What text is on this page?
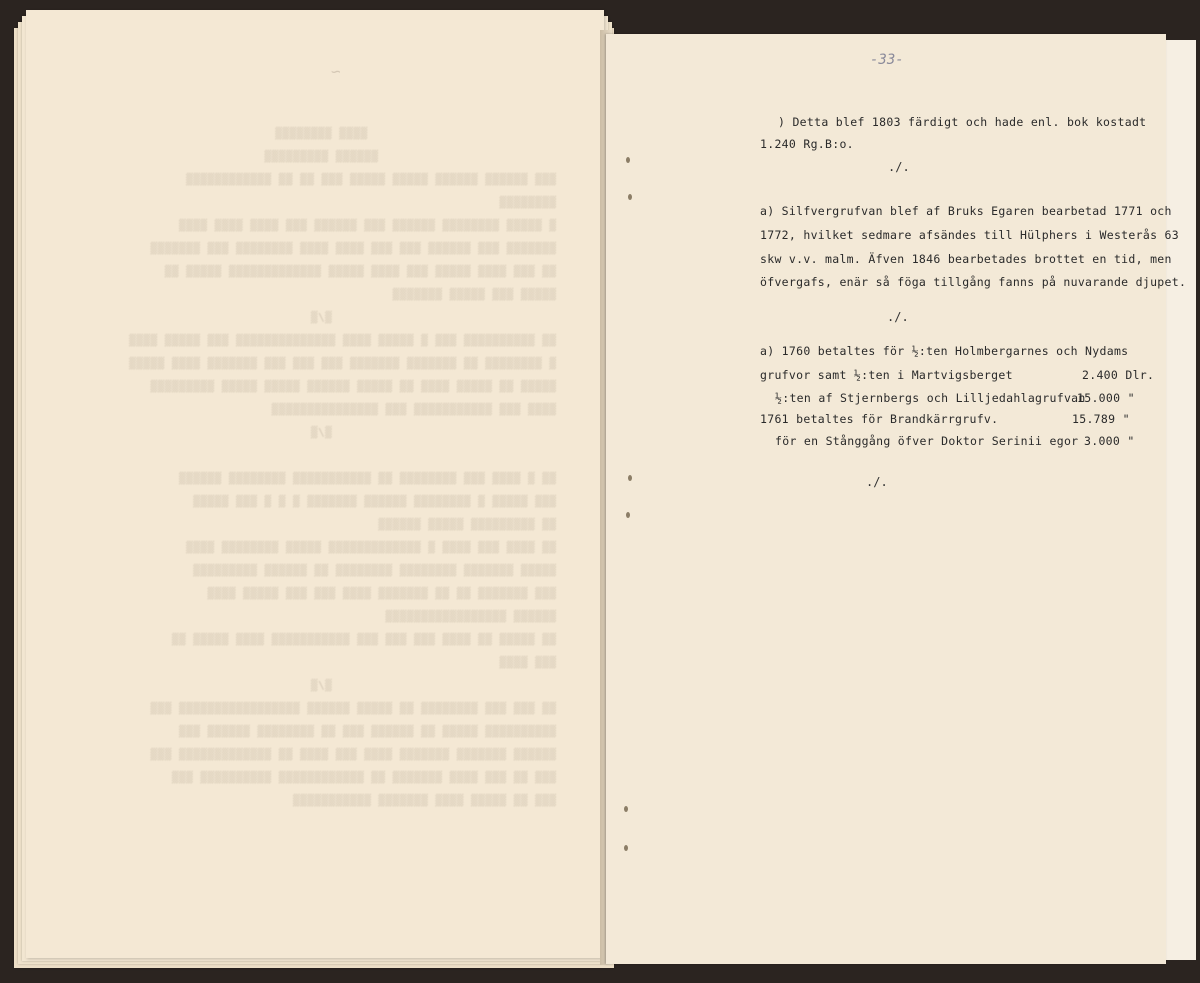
~
▒▒▒▒ ▒▒▒▒▒▒▒▒
▒▒▒▒▒▒ ▒▒▒▒▒▒▒▒▒
▒▒▒ ▒▒▒▒▒▒ ▒▒▒▒▒▒ ▒▒▒▒▒ ▒▒▒▒▒ ▒▒▒ ▒▒ ▒▒ ▒▒▒▒▒▒▒▒▒▒▒▒
▒▒▒▒▒▒▒▒
▒ ▒▒▒▒▒ ▒▒▒▒▒▒▒▒ ▒▒▒▒▒▒ ▒▒▒ ▒▒▒▒▒▒ ▒▒▒ ▒▒▒▒ ▒▒▒▒ ▒▒▒▒
▒▒▒▒▒▒▒ ▒▒▒ ▒▒▒▒▒▒ ▒▒▒ ▒▒▒ ▒▒▒▒ ▒▒▒▒ ▒▒▒▒▒▒▒▒ ▒▒▒ ▒▒▒▒▒▒▒
▒▒ ▒▒▒ ▒▒▒▒ ▒▒▒▒▒ ▒▒▒ ▒▒▒▒ ▒▒▒▒▒ ▒▒▒▒▒▒▒▒▒▒▒▒▒ ▒▒▒▒▒ ▒▒
▒▒▒▒▒ ▒▒▒ ▒▒▒▒▒ ▒▒▒▒▒▒▒
▒/▒
▒▒ ▒▒▒▒▒▒▒▒▒▒ ▒▒▒ ▒ ▒▒▒▒▒ ▒▒▒▒ ▒▒▒▒▒▒▒▒▒▒▒▒▒▒ ▒▒▒ ▒▒▒▒▒ ▒▒▒▒
▒ ▒▒▒▒▒▒▒▒ ▒▒ ▒▒▒▒▒▒▒ ▒▒▒▒▒▒▒ ▒▒▒ ▒▒▒ ▒▒▒ ▒▒▒▒▒▒▒ ▒▒▒▒ ▒▒▒▒▒
▒▒▒▒▒ ▒▒ ▒▒▒▒▒ ▒▒▒▒ ▒▒ ▒▒▒▒▒ ▒▒▒▒▒▒ ▒▒▒▒▒ ▒▒▒▒▒ ▒▒▒▒▒▒▒▒▒
▒▒▒▒ ▒▒▒ ▒▒▒▒▒▒▒▒▒▒▒ ▒▒▒ ▒▒▒▒▒▒▒▒▒▒▒▒▒▒▒
▒/▒
▒▒ ▒ ▒▒▒▒ ▒▒▒ ▒▒▒▒▒▒▒▒ ▒▒ ▒▒▒▒▒▒▒▒▒▒▒ ▒▒▒▒▒▒▒▒ ▒▒▒▒▒▒
▒▒▒ ▒▒▒▒▒ ▒ ▒▒▒▒▒▒▒▒ ▒▒▒▒▒▒ ▒▒▒▒▒▒▒ ▒ ▒ ▒ ▒▒▒ ▒▒▒▒▒
▒▒ ▒▒▒▒▒▒▒▒▒ ▒▒▒▒▒ ▒▒▒▒▒▒
▒▒ ▒▒▒▒ ▒▒▒ ▒▒▒▒ ▒ ▒▒▒▒▒▒▒▒▒▒▒▒▒ ▒▒▒▒▒ ▒▒▒▒▒▒▒▒ ▒▒▒▒
▒▒▒▒▒ ▒▒▒▒▒▒▒ ▒▒▒▒▒▒▒▒ ▒▒▒▒▒▒▒▒ ▒▒ ▒▒▒▒▒▒ ▒▒▒▒▒▒▒▒▒
▒▒▒ ▒▒▒▒▒▒▒ ▒▒ ▒▒ ▒▒▒▒▒▒▒ ▒▒▒▒ ▒▒▒ ▒▒▒ ▒▒▒▒▒ ▒▒▒▒
▒▒▒▒▒▒ ▒▒▒▒▒▒▒▒▒▒▒▒▒▒▒▒▒
▒▒ ▒▒▒▒▒ ▒▒ ▒▒▒▒ ▒▒▒ ▒▒▒ ▒▒▒ ▒▒▒▒▒▒▒▒▒▒▒ ▒▒▒▒ ▒▒▒▒▒ ▒▒
▒▒▒ ▒▒▒▒
▒/▒
▒▒ ▒▒▒ ▒▒▒ ▒▒▒▒▒▒▒▒ ▒▒ ▒▒▒▒▒ ▒▒▒▒▒▒ ▒▒▒▒▒▒▒▒▒▒▒▒▒▒▒▒▒ ▒▒▒
▒▒▒▒▒▒▒▒▒▒ ▒▒▒▒▒ ▒▒ ▒▒▒▒▒▒ ▒▒▒ ▒▒ ▒▒▒▒▒▒▒▒ ▒▒▒▒▒▒ ▒▒▒
▒▒▒▒▒▒ ▒▒▒▒▒▒▒ ▒▒▒▒▒▒▒ ▒▒▒▒ ▒▒▒ ▒▒▒▒ ▒▒ ▒▒▒▒▒▒▒▒▒▒▒▒▒ ▒▒▒
▒▒▒ ▒▒ ▒▒▒ ▒▒▒▒ ▒▒▒▒▒▒▒ ▒▒ ▒▒▒▒▒▒▒▒▒▒▒▒ ▒▒▒▒▒▒▒▒▒▒ ▒▒▒
▒▒▒ ▒▒ ▒▒▒▒▒ ▒▒▒▒ ▒▒▒▒▒▒▒ ▒▒▒▒▒▒▒▒▒▒▒
-33-
) Detta blef 1803 färdigt och hade enl. bok kostadt
1.240 Rg.B:o.
./.
a) Silfvergrufvan blef af Bruks Egaren bearbetad 1771 och
1772, hvilket sedmare afsändes till Hülphers i Westerås 63
skw v.v. malm. Äfven 1846 bearbetades brottet en tid, men
öfvergafs, enär så föga tillgång fanns på nuvarande djupet.
./.
a) 1760 betaltes för ½:ten Holmbergarnes och Nydams
grufvor samt ½:ten i Martvigsberget	2.400 Dlr.
½:ten af Stjernbergs och Lilljedahlagrufvan
15.000 "
1761 betaltes för Brandkärrgrufv.	15.789 "
för en Stånggång öfver Doktor Serinii egor 3.000 "
./.
